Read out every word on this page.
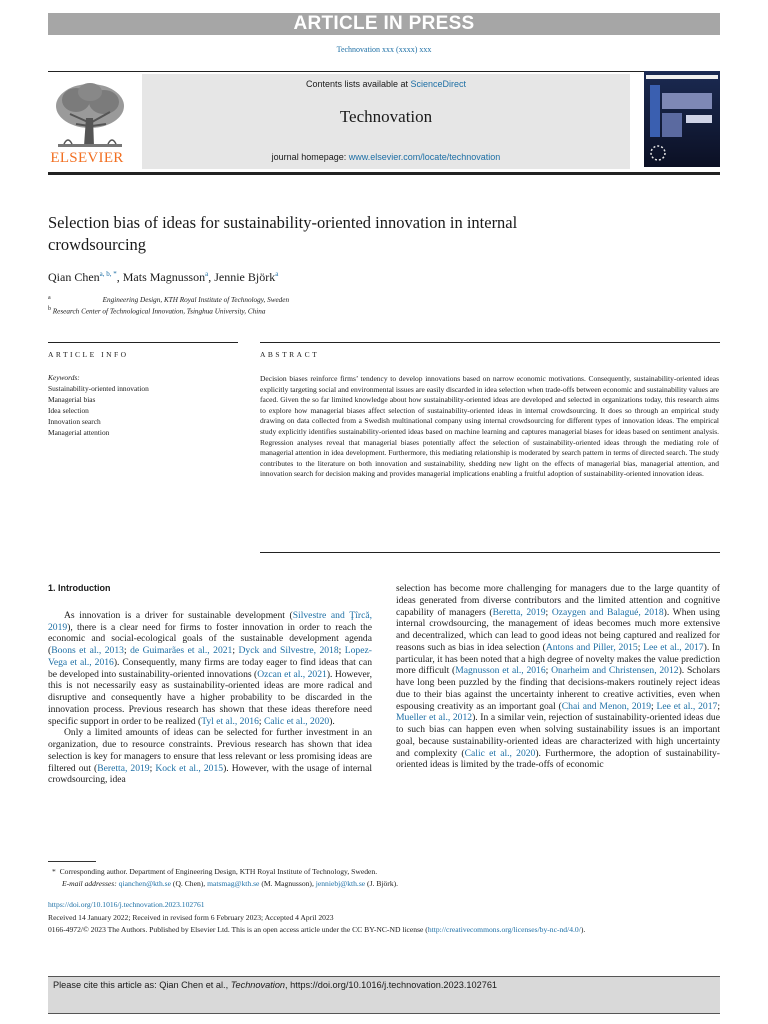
ARTICLE IN PRESS
Technovation xxx (xxxx) xxx
ELSEVIER
Contents lists available at ScienceDirect
Technovation
journal homepage: www.elsevier.com/locate/technovation
Selection bias of ideas for sustainability-oriented innovation in internal crowdsourcing
Qian Chen$^{a, b, *}$, Mats Magnusson$^a$, Jennie Björk$^a$
$^a$	Engineering Design, KTH Royal Institute of Technology, Sweden
$^b$ Research Center of Technological Innovation, Tsinghua University, China
ARTICLE INFO	ABSTRACT
Keywords:
Sustainability-oriented innovation
Managerial bias
Idea selection
Innovation search
Managerial attention
Decision biases reinforce firms’ tendency to develop innovations based on narrow economic motivations. Consequently, sustainability-oriented ideas explicitly targeting social and environmental issues are easily discarded in idea selection when trade-offs between economic and sustainability values are faced. Given the so far limited knowledge about how sustainability-oriented ideas are developed and selected in organizations today, this research aims to explore how managerial biases affect selection of sustainability-oriented ideas in internal crowdsourcing. It does so through an empirical study drawing on data collected from a Swedish multinational company using internal crowdsourcing for different types of innovation ideas. The empirical study explicitly identifies sustainability-oriented ideas based on machine learning and captures managerial biases for ideas based on sentiment analysis. Regression analyses reveal that managerial biases potentially affect the selection of sustainability-oriented ideas through the mediating role of managerial attention in idea development. Furthermore, this mediating relationship is moderated by search pattern in terms of directed search. The study contributes to the literature on both innovation and sustainability, shedding new light on the effects of managerial bias, managerial attention, and innovation search for decision making and provides managerial implications enabling a fruitful adoption of sustainability-oriented innovation ideas.
1. Introduction

As innovation is a driver for sustainable development (Silvestre and Ţîrcă, 2019), there is a clear need for firms to foster innovation in order to reach the economic and social-ecological goals of the sustainable development agenda (Boons et al., 2013; de Guimarães et al., 2021; Dyck and Silvestre, 2018; Lopez-Vega et al., 2016). Consequently, many firms are today eager to find ideas that can be developed into sustainability-oriented innovations (Ozcan et al., 2021). However, this is not necessarily easy as sustainability-oriented ideas are more radical and disruptive and consequently have a higher probability to be discarded in the innovation process. Previous research has shown that these ideas therefore need specific support in order to be realized (Tyl et al., 2016; Calic et al., 2020).

Only a limited amounts of ideas can be selected for further investment in an organization, due to resource constraints. Previous research has shown that idea selection is key for managers to ensure that less relevant or less promising ideas are filtered out (Beretta, 2019; Kock et al., 2015). However, with the usage of internal crowdsourcing, idea

selection has become more challenging for managers due to the large quantity of ideas generated from diverse contributors and the limited attention and cognitive capability of managers (Beretta, 2019; Ozaygen and Balagué, 2018). When using internal crowdsourcing, the management of ideas becomes much more extensive and decentralized, which can lead to good ideas not being captured and realized for reasons such as bias in idea selection (Antons and Piller, 2015; Lee et al., 2017). In particular, it has been noted that a high degree of novelty makes the value prediction more difficult (Magnusson et al., 2016; Onarheim and Christensen, 2012). Scholars have long been puzzled by the finding that decisions-makers routinely reject ideas due to their bias against the uncertainty inherent to creative activities, even when espousing creativity as an important goal (Chai and Menon, 2019; Lee et al., 2017; Mueller et al., 2012). In a similar vein, rejection of sustainability-oriented ideas due to such bias can happen even when solving sustainability issues is an important goal, because sustainability-oriented ideas are characterized with high uncertainty and complexity (Calic et al., 2020). Furthermore, the adoption of sustainability-oriented ideas is limited by the trade-offs of economic

* Corresponding author. Department of Engineering Design, KTH Royal Institute of Technology, Sweden.
E-mail addresses: qianchen@kth.se (Q. Chen), matsmag@kth.se (M. Magnusson), jenniebj@kth.se (J. Björk).
https://doi.org/10.1016/j.technovation.2023.102761
Received 14 January 2022; Received in revised form 6 February 2023; Accepted 4 April 2023
0166-4972/© 2023 The Authors. Published by Elsevier Ltd. This is an open access article under the CC BY-NC-ND license (http://creativecommons.org/licenses/by-nc-nd/4.0/).
Please cite this article as: Qian Chen et al., Technovation, https://doi.org/10.1016/j.technovation.2023.102761
